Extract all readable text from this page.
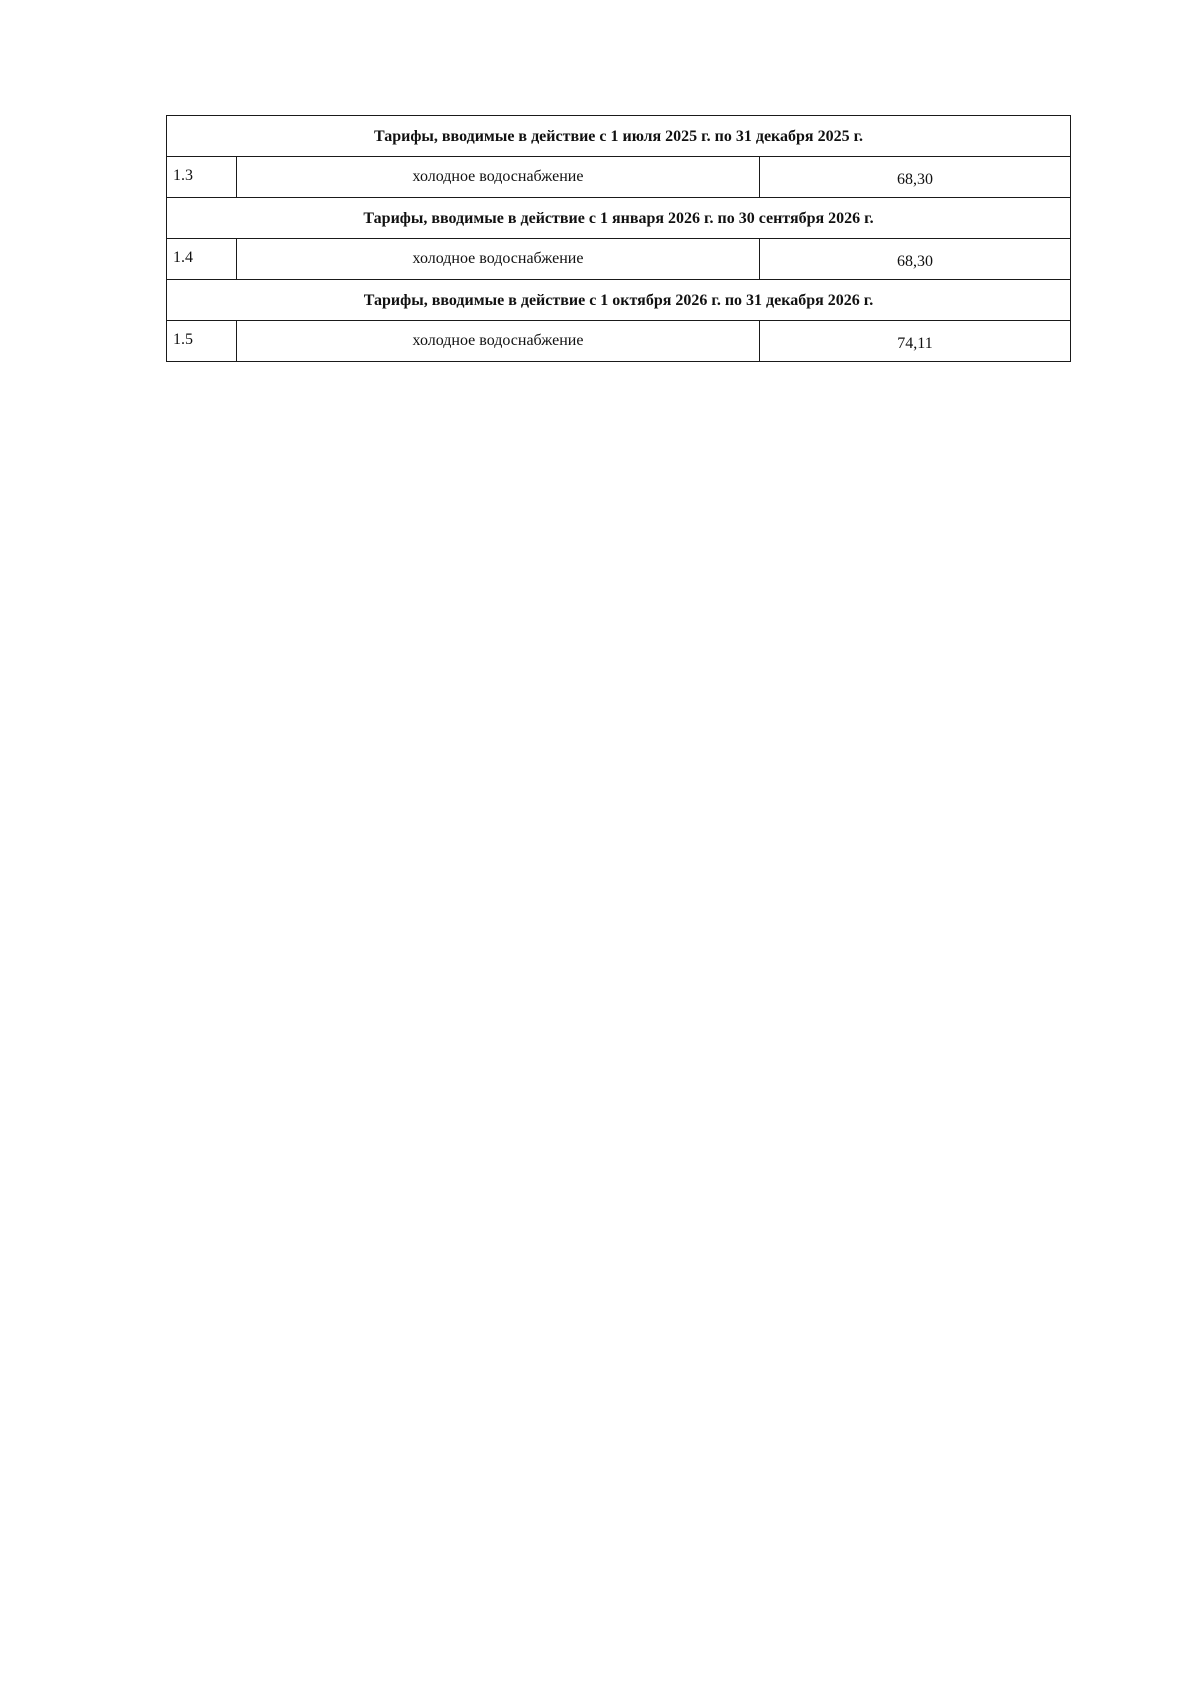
Тарифы, вводимые в действие с 1 июля 2025 г. по 31 декабря 2025 г.		
1.3	холодное водоснабжение	68,30
Тарифы, вводимые в действие с 1 января 2026 г. по 30 сентября 2026 г.		
1.4	холодное водоснабжение	68,30
Тарифы, вводимые в действие с 1 октября 2026 г. по 31 декабря 2026 г.		
1.5	холодное водоснабжение	74,11
